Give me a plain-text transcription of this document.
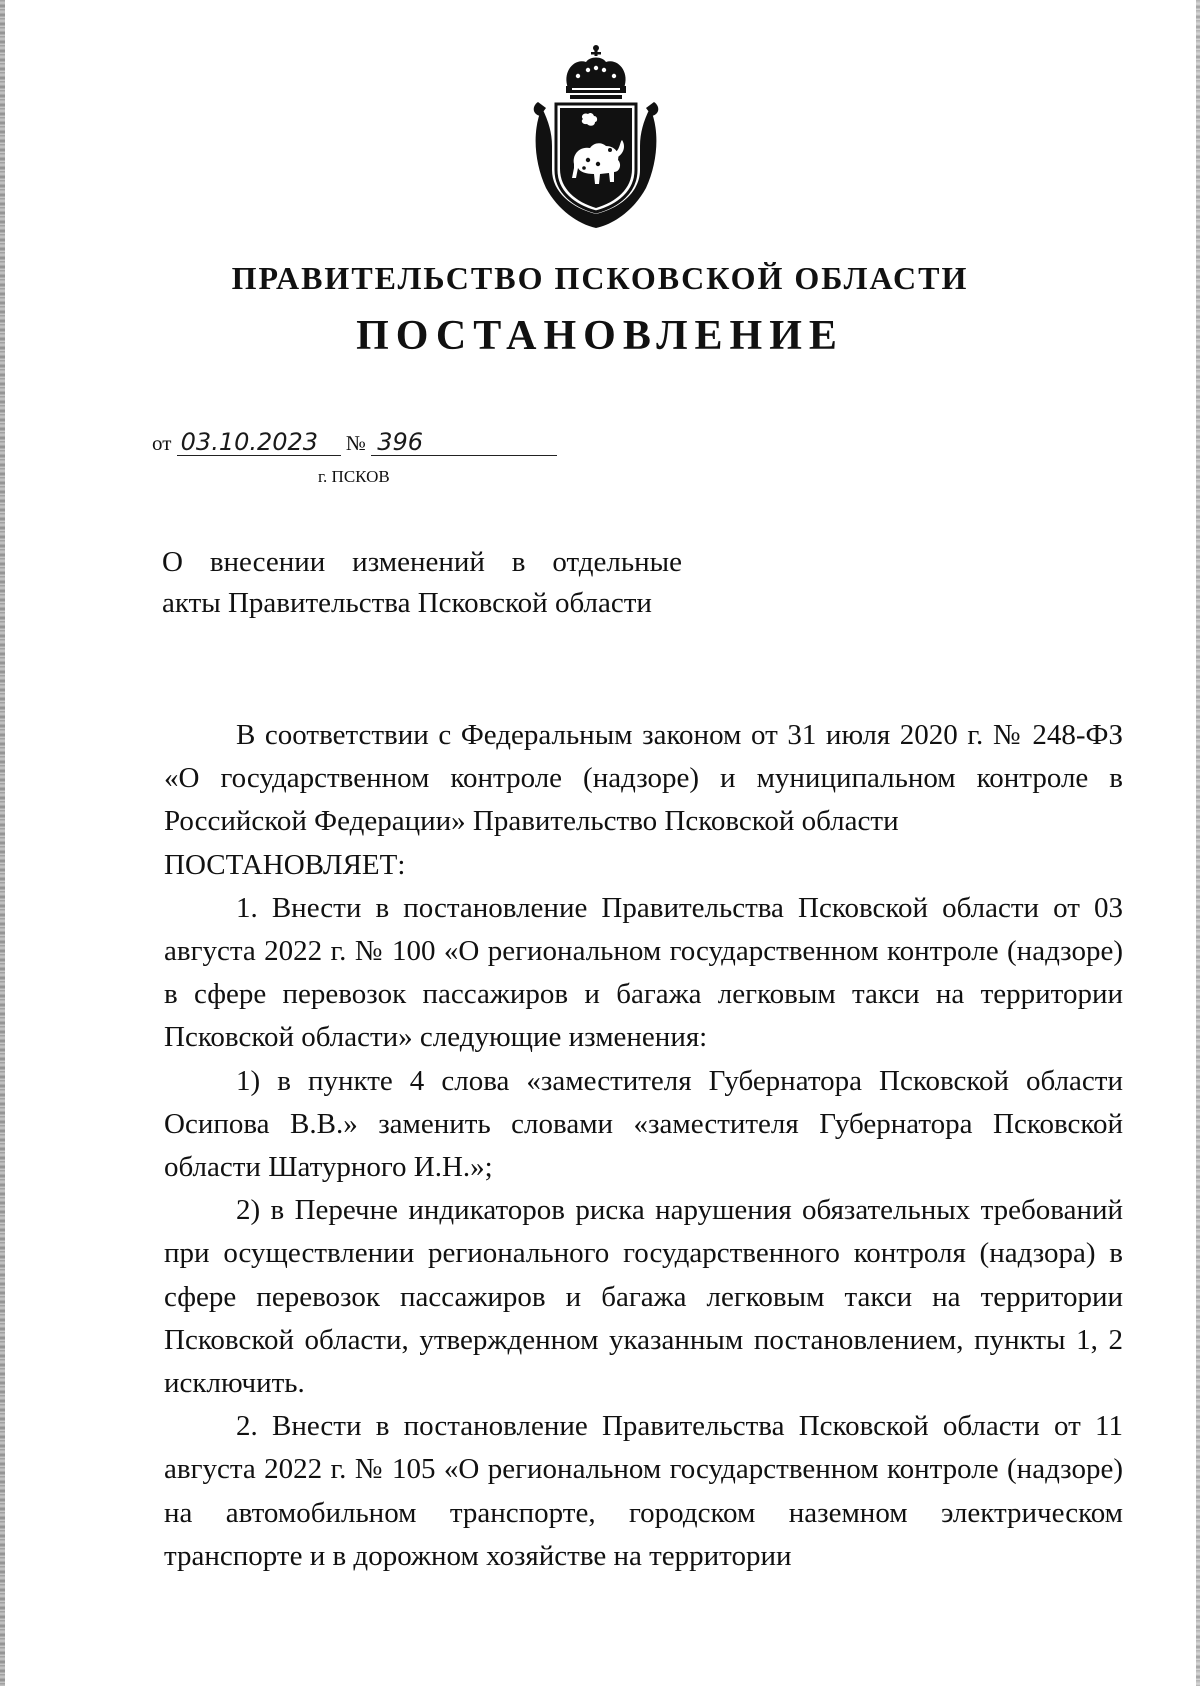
ПРАВИТЕЛЬСТВО ПСКОВСКОЙ ОБЛАСТИ
ПОСТАНОВЛЕНИЕ
от 03.10.2023 № 396
г. ПСКОВ
О внесении изменений в отдельные
акты Правительства Псковской области

В соответствии с Федеральным законом от 31 июля 2020 г. № 248-ФЗ «О государственном контроле (надзоре) и муниципальном контроле в Российской Федерации» Правительство Псковской области

ПОСТАНОВЛЯЕТ:

1. Внести в постановление Правительства Псковской области от 03 августа 2022 г. № 100 «О региональном государственном контроле (надзоре) в сфере перевозок пассажиров и багажа легковым такси на территории Псковской области» следующие изменения:

1) в пункте 4 слова «заместителя Губернатора Псковской области Осипова В.В.» заменить словами «заместителя Губернатора Псковской области Шатурного И.Н.»;

2) в Перечне индикаторов риска нарушения обязательных требований при осуществлении регионального государственного контроля (надзора) в сфере перевозок пассажиров и багажа легковым такси на территории Псковской области, утвержденном указанным постановлением, пункты 1, 2 исключить.

2. Внести в постановление Правительства Псковской области от 11 августа 2022 г. № 105 «О региональном государственном контроле (надзоре) на автомобильном транспорте, городском наземном электрическом транспорте и в дорожном хозяйстве на территории
